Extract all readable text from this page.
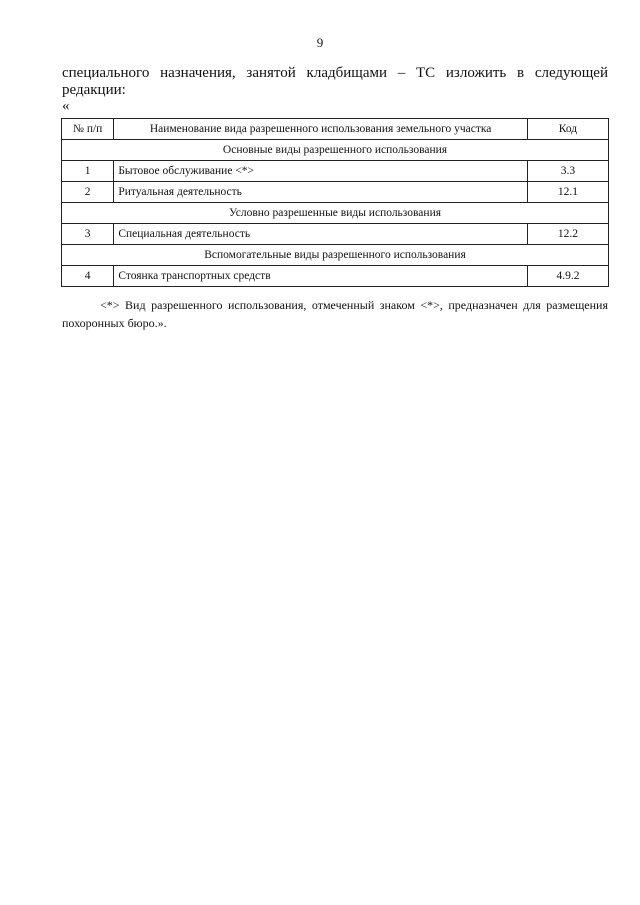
9
специального назначения, занятой кладбищами – ТС изложить в следующей редакции:
«
№ п/п	Наименование вида разрешенного использования земельного участка	Код
Основные виды разрешенного использования		
1	Бытовое обслуживание <*>	3.3
2	Ритуальная деятельность	12.1
Условно разрешенные виды использования		
3	Специальная деятельность	12.2
Вспомогательные виды разрешенного использования		
4	Стоянка транспортных средств	4.9.2
<*> Вид разрешенного использования, отмеченный знаком <*>, предназначен для размещения похоронных бюро.».
